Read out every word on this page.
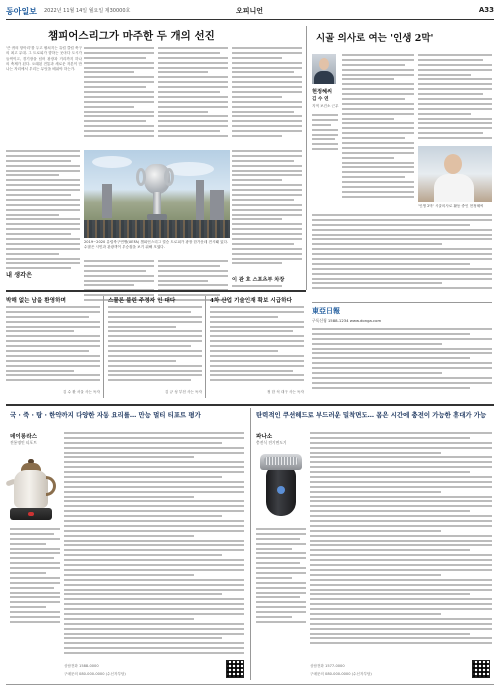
동아일보 2022년 11월 14일 월요일 제30000호	오피니언	A33
챔피어스리그가 마주한 두 개의 선진
'큰 귀의 항아리'를 두고 펼쳐지는 유럽 클럽 축구의 최고 무대. 그 트로피가 향하는 곳마다 도시가 들썩이고, 경기장을 넘어 광장과 거리까지 하나의 축제가 된다. 오래된 전통과 새로운 자본이 만나는 자리에서 우리는 무엇을 배워야 하는가.
2019~2020 유럽축구연맹(UEFA) 챔피언스리그 결승 트로피가 광장 한가운데 전시돼 있다. 수많은 시민과 관광객이 우승컵을 보기 위해 모였다.
이 관 호 스포츠부 차장
내 생각은
시골 의사로 여는 '인생 2막'
현정혜씨
김 수 연
지역 보건소 근무
'인생 2막' 시골의사로 활동 중인 현정혜씨
東亞日報
구독신청 1588-1234 www.donga.com
박해 없는 남을 환영하며
김 수 환 서울 사는 독자
스물론 불린 주정자 인 대다
김 규 성 부천 사는 독자
4차 산업 기술인재 확보 시급하다
정 한 석 대구 사는 독자
국 · 죽 · 탕 · 한약까지 다양한 자동 요리를… 만능 멀티 티포트 평가	탄력적인 쿠션헤드로 부드러운 밀착면도… 몸은 시간에 충전이 가능한 휴대가 가능
데이롱라스
전통명인 티포트
상담전화 1588-0000
구매문의 080-000-0000 (수신자부담)
파나소
충전식 전기면도기
상담전화 1577-0000
구매문의 080-000-0000 (수신자부담)
